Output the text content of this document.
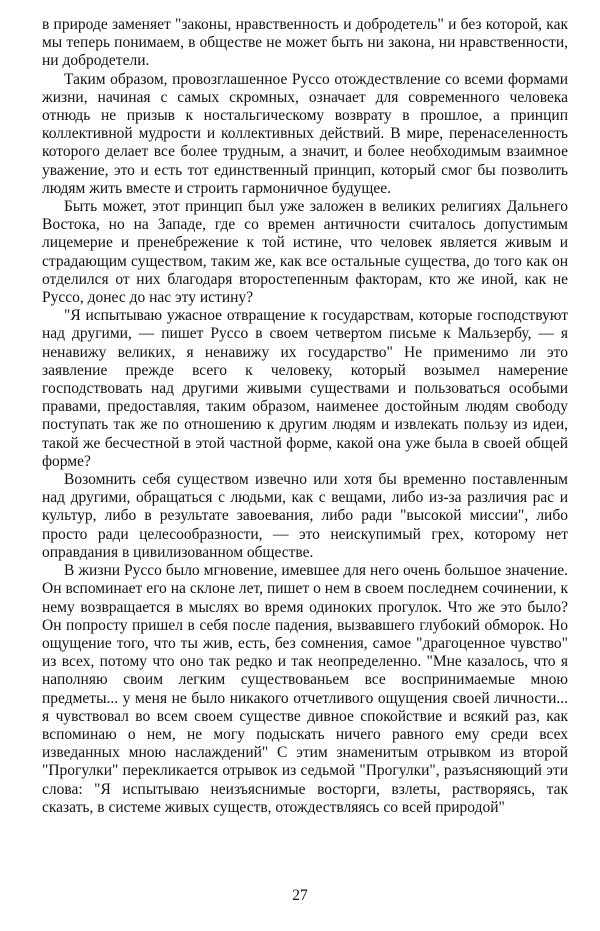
в природе заменяет "законы, нравственность и добродетель" и без которой, как мы теперь понимаем, в обществе не может быть ни закона, ни нравственности, ни добродетели.

Таким образом, провозглашенное Руссо отождествление со всеми формами жизни, начиная с самых скромных, означает для современного человека отнюдь не призыв к ностальгическому возврату в прошлое, а принцип коллективной мудрости и коллективных действий. В мире, перенаселенность которого делает все более трудным, а значит, и более необходимым взаимное уважение, это и есть тот единственный принцип, который смог бы позволить людям жить вместе и строить гармоничное будущее.

Быть может, этот принцип был уже заложен в великих религиях Дальнего Востока, но на Западе, где со времен античности считалось допустимым лицемерие и пренебрежение к той истине, что человек является живым и страдающим существом, таким же, как все остальные существа, до того как он отделился от них благодаря второстепенным факторам, кто же иной, как не Руссо, донес до нас эту истину?

"Я испытываю ужасное отвращение к государствам, которые господствуют над другими, — пишет Руссо в своем четвертом письме к Мальзербу, — я ненавижу великих, я ненавижу их государство" Не применимо ли это заявление прежде всего к человеку, который возымел намерение господствовать над другими живыми существами и пользоваться особыми правами, предоставляя, таким образом, наименее достойным людям свободу поступать так же по отношению к другим людям и извлекать пользу из идеи, такой же бесчестной в этой частной форме, какой она уже была в своей общей форме?

Возомнить себя существом извечно или хотя бы временно поставленным над другими, обращаться с людьми, как с вещами, либо из-за различия рас и культур, либо в результате завоевания, либо ради "высокой миссии", либо просто ради целесообразности, — это неискупимый грех, которому нет оправдания в цивилизованном обществе.

В жизни Руссо было мгновение, имевшее для него очень большое значение. Он вспоминает его на склоне лет, пишет о нем в своем последнем сочинении, к нему возвращается в мыслях во время одиноких прогулок. Что же это было? Он попросту пришел в себя после падения, вызвавшего глубокий обморок. Но ощущение того, что ты жив, есть, без сомнения, самое "драгоценное чувство" из всех, потому что оно так редко и так неопределенно. "Мне казалось, что я наполняю своим легким существованьем все воспринимаемые мною предметы... у меня не было никакого отчетливого ощущения своей личности... я чувствовал во всем своем существе дивное спокойствие и всякий раз, как вспоминаю о нем, не могу подыскать ничего равного ему среди всех изведанных мною наслаждений" С этим знаменитым отрывком из второй "Прогулки" перекликается отрывок из седьмой "Прогулки", разъясняющий эти слова: "Я испытываю неизъяснимые восторги, взлеты, растворяясь, так сказать, в системе живых существ, отождествляясь со всей природой"

27
